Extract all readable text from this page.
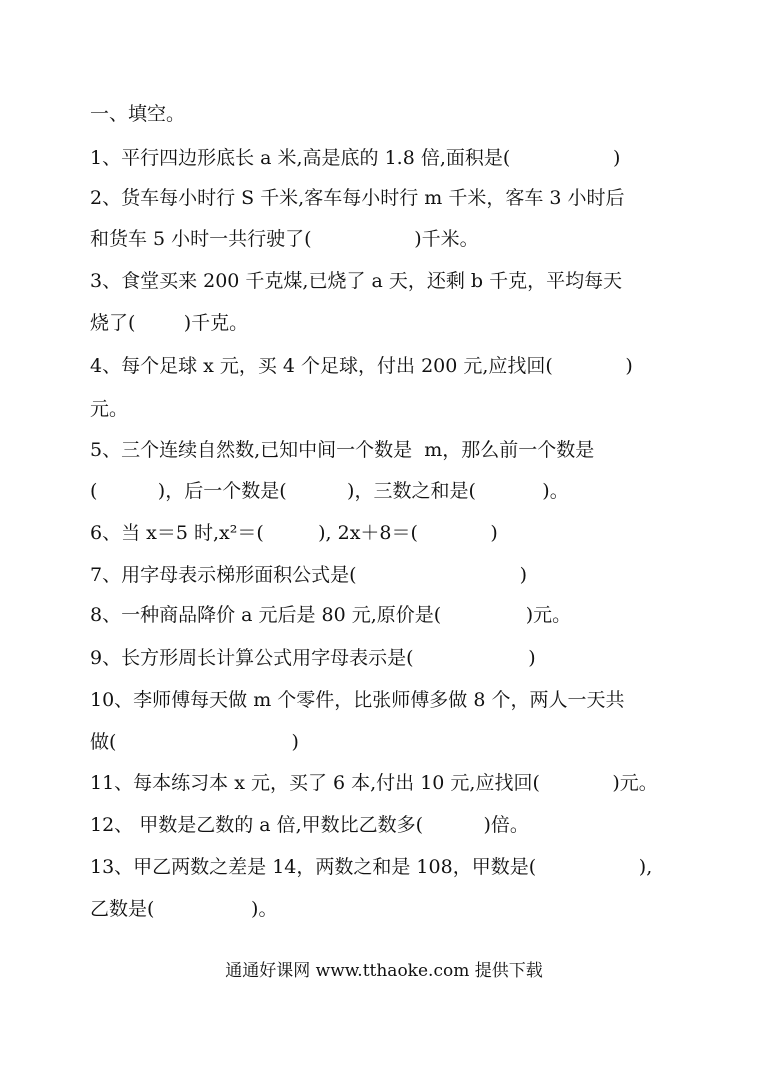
一、填空。
1、平行四边形底长 a 米,高是底的 1.8 倍,面积是(                 )
2、货车每小时行 S 千米,客车每小时行 m 千米，客车 3 小时后
和货车 5 小时一共行驶了(                 )千米。
3、食堂买来 200 千克煤,已烧了 a 天，还剩 b 千克，平均每天
烧了(        )千克。
4、每个足球 x 元，买 4 个足球，付出 200 元,应找回(            )
元。
5、三个连续自然数,已知中间一个数是  m，那么前一个数是
(          )，后一个数是(          )，三数之和是(           )。
6、当 x＝5 时,x²＝(         ), 2x＋8＝(            )
7、用字母表示梯形面积公式是(                           )
8、一种商品降价 a 元后是 80 元,原价是(              )元。
9、长方形周长计算公式用字母表示是(                   )
10、李师傅每天做 m 个零件，比张师傅多做 8 个，两人一天共
做(                             )
11、每本练习本 x 元，买了 6 本,付出 10 元,应找回(            )元。
12、 甲数是乙数的 a 倍,甲数比乙数多(          )倍。
13、甲乙两数之差是 14，两数之和是 108，甲数是(                 ),
乙数是(                )。
通通好课网 www.tthaoke.com 提供下载
